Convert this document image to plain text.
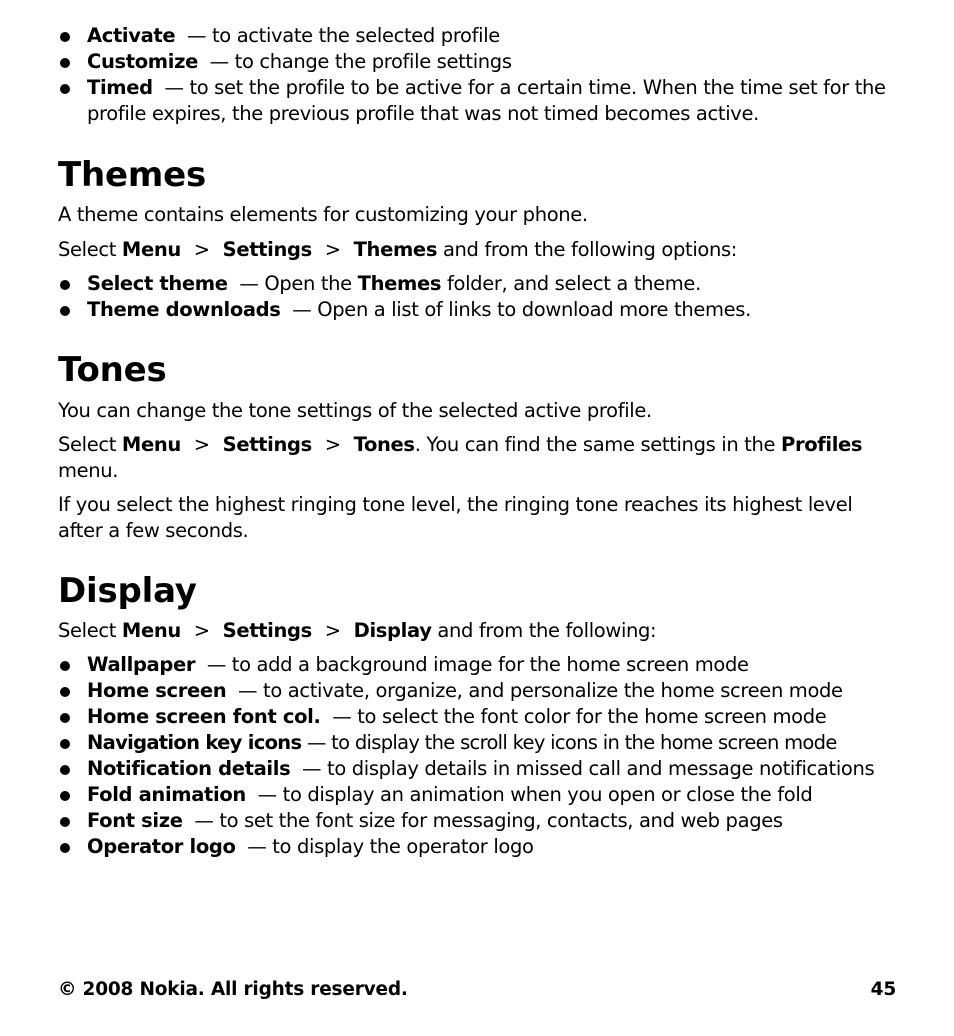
Activate — to activate the selected profile
Customize — to change the profile settings
Timed — to set the profile to be active for a certain time. When the time set for the profile expires, the previous profile that was not timed becomes active.
Themes

A theme contains elements for customizing your phone.

Select Menu > Settings > Themes and from the following options:

Select theme — Open the Themes folder, and select a theme.
Theme downloads — Open a list of links to download more themes.
Tones

You can change the tone settings of the selected active profile.

Select Menu > Settings > Tones. You can find the same settings in the Profiles menu.

If you select the highest ringing tone level, the ringing tone reaches its highest level after a few seconds.

Display

Select Menu > Settings > Display and from the following:

Wallpaper — to add a background image for the home screen mode
Home screen — to activate, organize, and personalize the home screen mode
Home screen font col. — to select the font color for the home screen mode
Navigation key icons — to display the scroll key icons in the home screen mode
Notification details — to display details in missed call and message notifications
Fold animation — to display an animation when you open or close the fold
Font size — to set the font size for messaging, contacts, and web pages
Operator logo — to display the operator logo
© 2008 Nokia. All rights reserved.	45
